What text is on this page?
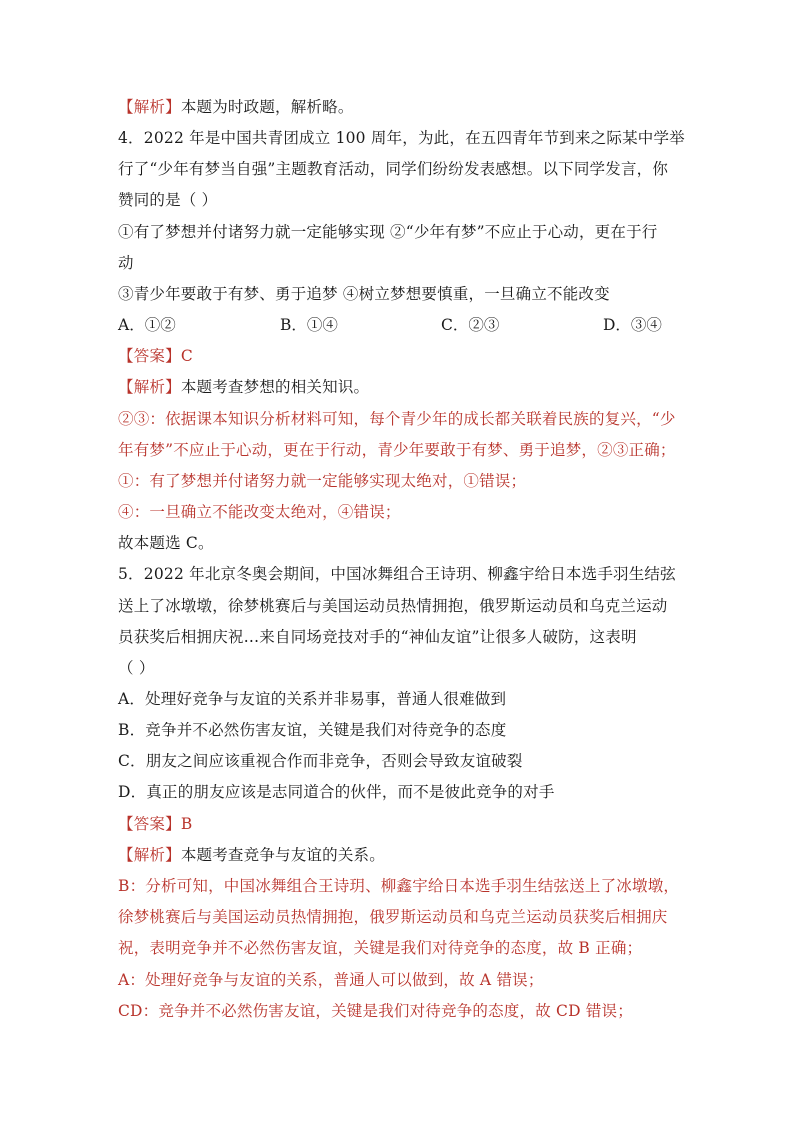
【解析】本题为时政题，解析略。
4．2022 年是中国共青团成立 100 周年，为此，在五四青年节到来之际某中学举
行了“少年有梦当自强”主题教育活动，同学们纷纷发表感想。以下同学发言，你
赞同的是（ ）
①有了梦想并付诸努力就一定能够实现 ②“少年有梦”不应止于心动，更在于行
动
③青少年要敢于有梦、勇于追梦 ④树立梦想要慎重，一旦确立不能改变
A．①②	B．①④	C．②③	D．③④
【答案】C
【解析】本题考查梦想的相关知识。
②③：依据课本知识分析材料可知，每个青少年的成长都关联着民族的复兴，“少
年有梦”不应止于心动，更在于行动，青少年要敢于有梦、勇于追梦，②③正确；
①：有了梦想并付诸努力就一定能够实现太绝对，①错误；
④：一旦确立不能改变太绝对，④错误；
故本题选 C。
5．2022 年北京冬奥会期间，中国冰舞组合王诗玥、柳鑫宇给日本选手羽生结弦
送上了冰墩墩，徐梦桃赛后与美国运动员热情拥抱，俄罗斯运动员和乌克兰运动
员获奖后相拥庆祝…来自同场竞技对手的“神仙友谊”让很多人破防，这表明
（ ）
A．处理好竞争与友谊的关系并非易事，普通人很难做到
B．竞争并不必然伤害友谊，关键是我们对待竞争的态度
C．朋友之间应该重视合作而非竞争，否则会导致友谊破裂
D．真正的朋友应该是志同道合的伙伴，而不是彼此竞争的对手
【答案】B
【解析】本题考查竞争与友谊的关系。
B：分析可知，中国冰舞组合王诗玥、柳鑫宇给日本选手羽生结弦送上了冰墩墩，
徐梦桃赛后与美国运动员热情拥抱，俄罗斯运动员和乌克兰运动员获奖后相拥庆
祝，表明竞争并不必然伤害友谊，关键是我们对待竞争的态度，故 B 正确；
A：处理好竞争与友谊的关系，普通人可以做到，故 A 错误；
CD：竞争并不必然伤害友谊，关键是我们对待竞争的态度，故 CD 错误；
